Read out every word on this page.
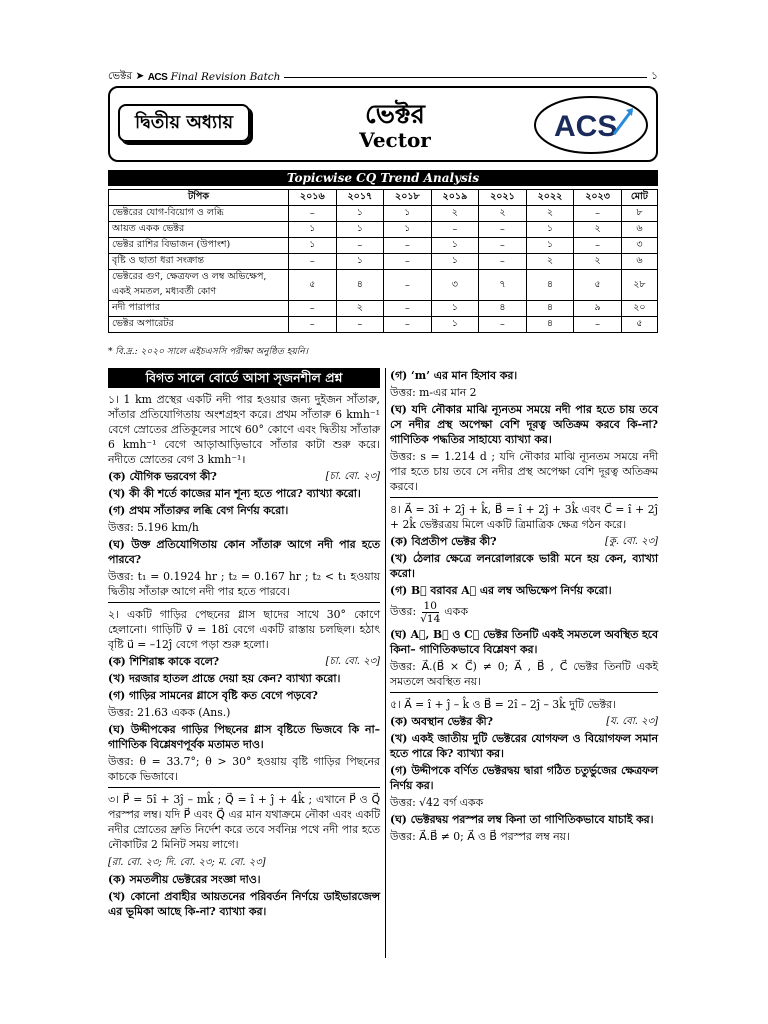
ভেক্টর ➤
ACS
Final Revision Batch	১
দ্বিতীয় অধ্যায়	ভেক্টর
Vector	ACS
Topicwise CQ Trend Analysis
টপিক	২০১৬	২০১৭	২০১৮	২০১৯	২০২১	২০২২	২০২৩	মোট
ভেক্টরের যোগ-বিয়োগ ও লব্ধি	–	১	১	২	২	২	–	৮
আয়ত একক ভেক্টর	১	১	১	–	–	১	২	৬
ভেক্টর রাশির বিভাজন (উপাংশ)	১	–	–	১	–	১	–	৩
বৃষ্টি ও ছাতা ধরা সংক্রান্ত	–	১	–	১	–	২	২	৬
ভেক্টরের গুণ, ক্ষেত্রফল ও লম্ব অভিক্ষেপ, একই সমতল, মধ্যবর্তী কোণ	৫	৪	–	৩	৭	৪	৫	২৮
নদী পারাপার	–	২	–	১	৪	৪	৯	২০
ভেক্টর অপারেটর	–	–	–	১	–	৪	–	৫
* বি.দ্র.: ২০২০ সালে এইচএসসি পরীক্ষা অনুষ্ঠিত হয়নি।
বিগত সালে বোর্ডে আসা সৃজনশীল প্রশ্ন

১। 1 km প্রস্থের একটি নদী পার হওয়ার জন্য দুইজন সাঁতারু, সাঁতার প্রতিযোগিতায় অংশগ্রহণ করে। প্রথম সাঁতারু 6 kmh⁻¹ বেগে স্রোতের প্রতিকূলের সাথে 60° কোণে এবং দ্বিতীয় সাঁতারু 6 kmh⁻¹ বেগে আড়াআড়িভাবে সাঁতার কাটা শুরু করে। নদীতে স্রোতের বেগ 3 kmh⁻¹।

[চা. বো. ২৩]

(ক) যৌগিক ভরবেগ কী?

(খ) কী কী শর্তে কাজের মান শূন্য হতে পারে? ব্যাখ্যা করো।

(গ) প্রথম সাঁতারুর লব্ধি বেগ নির্ণয় করো।

উত্তর: 5.196 km/h

(ঘ) উক্ত প্রতিযোগিতায় কোন সাঁতারু আগে নদী পার হতে পারবে?

উত্তর: t₁ = 0.1924 hr ; t₂ = 0.167 hr ; t₂ < t₁ হওয়ায় দ্বিতীয় সাঁতারু আগে নদী পার হতে পারবে।

২। একটি গাড়ির পেছনের গ্লাস ছাদের সাথে 30° কোণে হেলানো। গাড়িটি v⃗ = 18î বেগে একটি রাস্তায় চলছিল। হঠাৎ বৃষ্টি u⃗ = –12ĵ বেগে পড়া শুরু হলো।

[চা. বো. ২৩]

(ক) শিশিরাঙ্ক কাকে বলে?

(খ) দরজার হাতল প্রান্তে দেয়া হয় কেন? ব্যাখ্যা করো।

(গ) গাড়ির সামনের গ্লাসে বৃষ্টি কত বেগে পড়বে?

উত্তর: 21.63 একক (Ans.)

(ঘ) উদ্দীপকের গাড়ির পিছনের গ্লাস বৃষ্টিতে ভিজবে কি না– গাণিতিক বিশ্লেষণপূর্বক মতামত দাও।

উত্তর: θ = 33.7°; θ > 30° হওয়ায় বৃষ্টি গাড়ির পিছনের কাচকে ভিজাবে।

৩। P⃗ = 5î + 3ĵ – mk̂ ; Q⃗ = î + ĵ + 4k̂ ; এখানে P⃗ ও Q⃗ পরস্পর লম্ব। যদি P⃗ এবং Q⃗ এর মান যথাক্রমে নৌকা এবং একটি নদীর স্রোতের দ্রুতি নির্দেশ করে তবে সর্বনিম্ন পথে নদী পার হতে নৌকাটির 2 মিনিট সময় লাগে।

[রা. বো. ২৩; দি. বো. ২৩; ম. বো. ২৩]

(ক) সমতলীয় ভেক্টরের সংজ্ঞা দাও।

(খ) কোনো প্রবাহীর আয়তনের পরিবর্তন নির্ণয়ে ডাইভারজেন্স এর ভূমিকা আছে কি-না? ব্যাখ্যা কর।

(গ) ‘m’ এর মান হিসাব কর।

উত্তর: m-এর মান 2

(ঘ) যদি নৌকার মাঝি ন্যূনতম সময়ে নদী পার হতে চায় তবে সে নদীর প্রস্থ অপেক্ষা বেশি দূরত্ব অতিক্রম করবে কি-না? গাণিতিক পদ্ধতির সাহায্যে ব্যাখ্যা কর।

উত্তর: s = 1.214 d ; যদি নৌকার মাঝি ন্যূনতম সময়ে নদী পার হতে চায় তবে সে নদীর প্রস্থ অপেক্ষা বেশি দূরত্ব অতিক্রম করবে।

৪। A⃗ = 3î + 2ĵ + k̂, B⃗ = î + 2ĵ + 3k̂ এবং C⃗ = î + 2ĵ + 2k̂ ভেক্টরত্রয় মিলে একটি ত্রিমাত্রিক ক্ষেত্র গঠন করে।

[কু. বো. ২৩]

(ক) বিপ্রতীপ ভেক্টর কী?

(খ) ঠেলার ক্ষেত্রে লনরোলারকে ভারী মনে হয় কেন, ব্যাখ্যা করো।

(গ) B⃗ বরাবর A⃗ এর লম্ব অভিক্ষেপ নির্ণয় করো।

উত্তর: $\frac{10}{√14}$ একক

(ঘ) A⃗, B⃗ ও C⃗ ভেক্টর তিনটি একই সমতলে অবস্থিত হবে কিনা– গাণিতিকভাবে বিশ্লেষণ কর।

উত্তর: A⃗.(B⃗ × C⃗) ≠ 0; A⃗ , B⃗ , C⃗ ভেক্টর তিনটি একই সমতলে অবস্থিত নয়।

৫। A⃗ = î + ĵ – k̂ ও B⃗ = 2î – 2ĵ – 3k̂ দুটি ভেক্টর।

[য. বো. ২৩]

(ক) অবস্থান ভেক্টর কী?

(খ) একই জাতীয় দুটি ভেক্টরের যোগফল ও বিয়োগফল সমান হতে পারে কি? ব্যাখ্যা কর।

(গ) উদ্দীপকে বর্ণিত ভেক্টরদ্বয় দ্বারা গঠিত চতুর্ভুজের ক্ষেত্রফল নির্ণয় কর।

উত্তর: √42 বর্গ একক

(ঘ) ভেক্টরদ্বয় পরস্পর লম্ব কিনা তা গাণিতিকভাবে যাচাই কর।

উত্তর: A⃗.B⃗ ≠ 0; A⃗ ও B⃗ পরস্পর লম্ব নয়।
